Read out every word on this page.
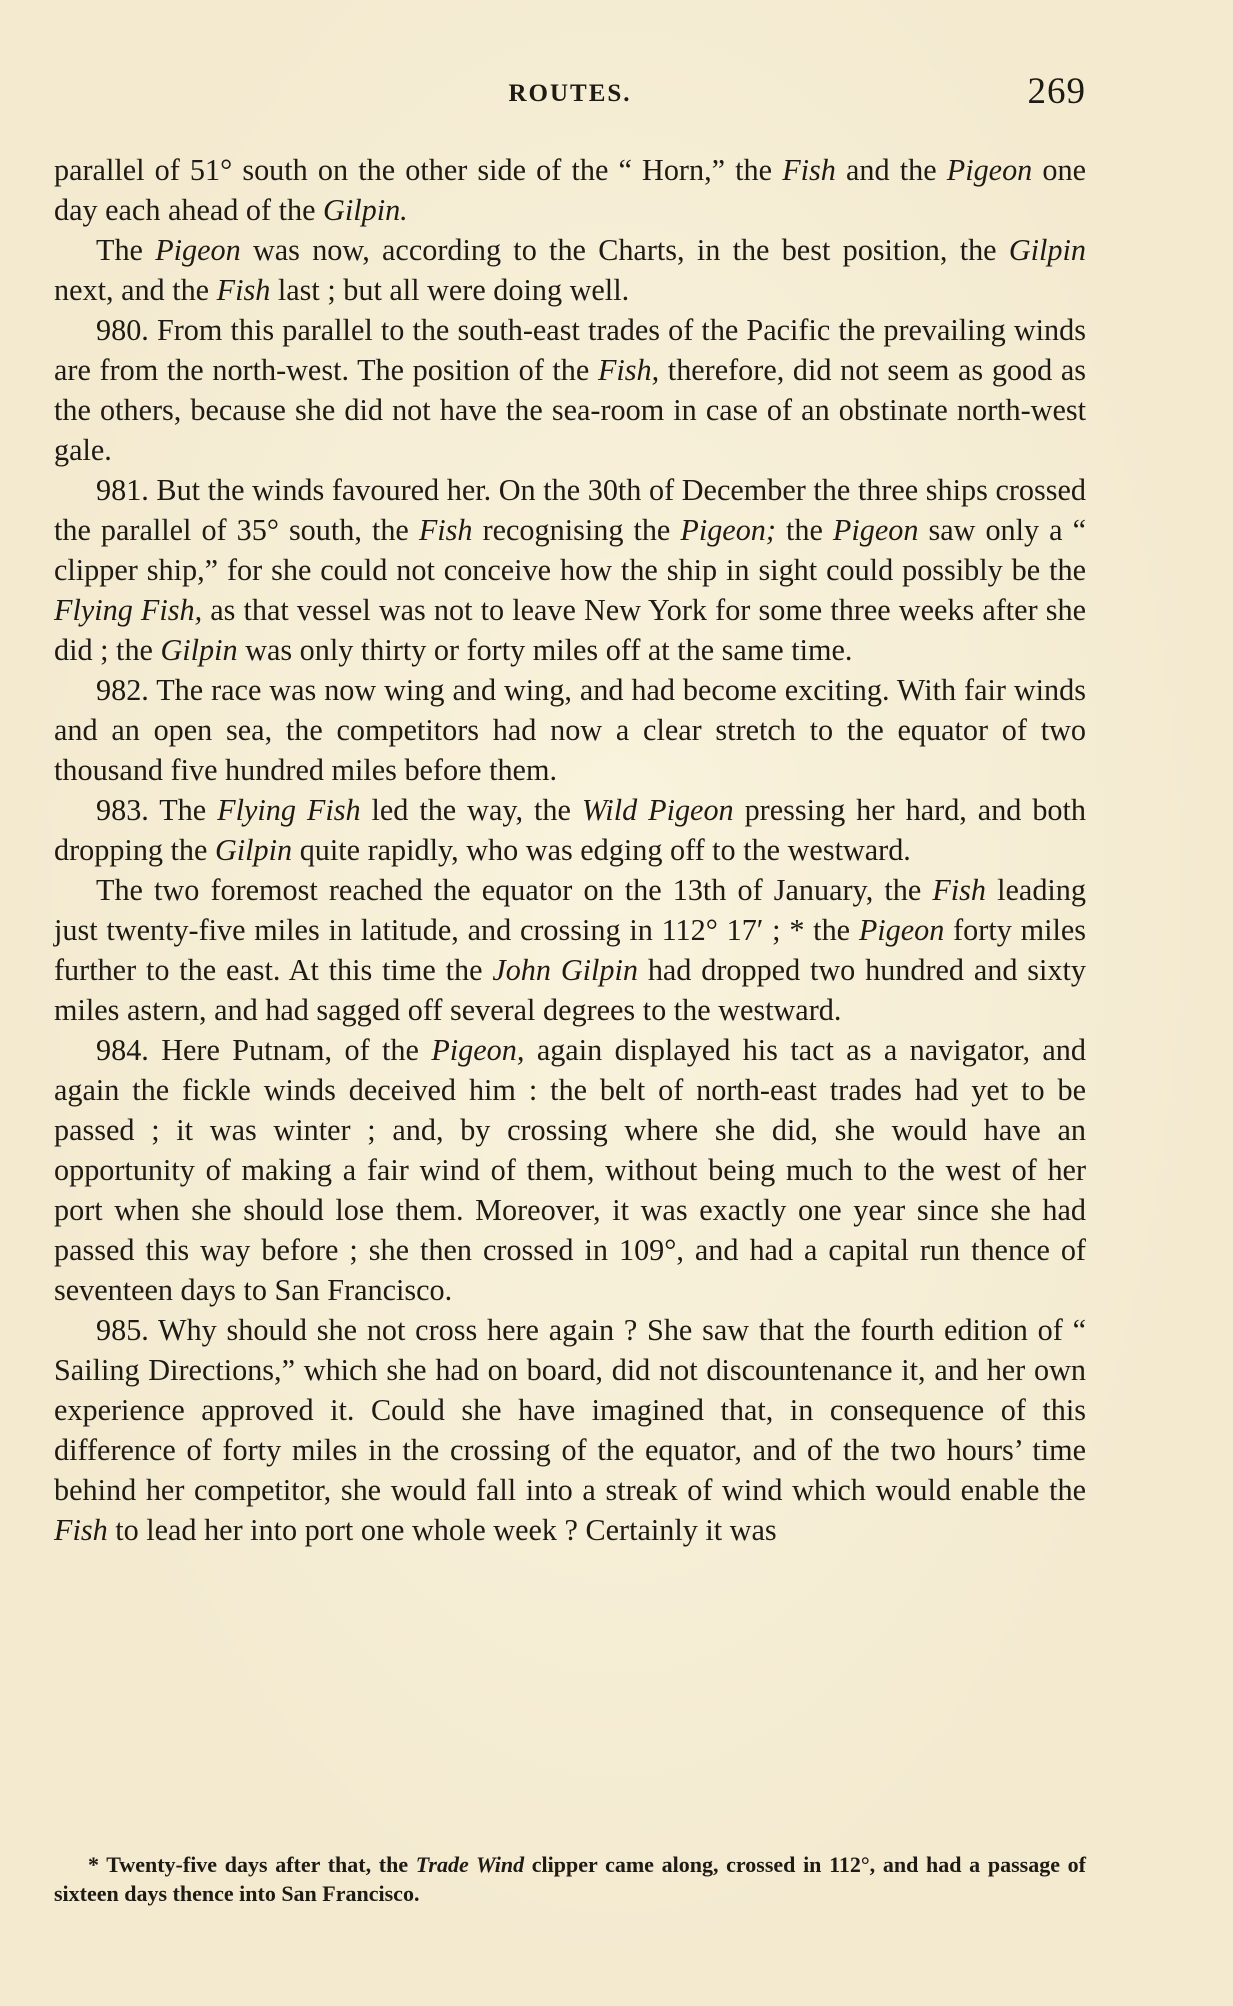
ROUTES.	269

parallel of 51° south on the other side of the “ Horn,” the Fish and the Pigeon one day each ahead of the Gilpin.

The Pigeon was now, according to the Charts, in the best position, the Gilpin next, and the Fish last ; but all were doing well.

980. From this parallel to the south-east trades of the Pacific the prevailing winds are from the north-west. The position of the Fish, therefore, did not seem as good as the others, because she did not have the sea-room in case of an obstinate north-west gale.

981. But the winds favoured her. On the 30th of December the three ships crossed the parallel of 35° south, the Fish recognising the Pigeon; the Pigeon saw only a “ clipper ship,” for she could not conceive how the ship in sight could possibly be the Flying Fish, as that vessel was not to leave New York for some three weeks after she did ; the Gilpin was only thirty or forty miles off at the same time.

982. The race was now wing and wing, and had become exciting. With fair winds and an open sea, the competitors had now a clear stretch to the equator of two thousand five hundred miles before them.

983. The Flying Fish led the way, the Wild Pigeon pressing her hard, and both dropping the Gilpin quite rapidly, who was edging off to the westward.

The two foremost reached the equator on the 13th of January, the Fish leading just twenty-five miles in latitude, and crossing in 112° 17′ ; * the Pigeon forty miles further to the east. At this time the John Gilpin had dropped two hundred and sixty miles astern, and had sagged off several degrees to the westward.

984. Here Putnam, of the Pigeon, again displayed his tact as a navigator, and again the fickle winds deceived him : the belt of north-east trades had yet to be passed ; it was winter ; and, by crossing where she did, she would have an opportunity of making a fair wind of them, without being much to the west of her port when she should lose them. Moreover, it was exactly one year since she had passed this way before ; she then crossed in 109°, and had a capital run thence of seventeen days to San Francisco.

985. Why should she not cross here again ? She saw that the fourth edition of “ Sailing Directions,” which she had on board, did not discountenance it, and her own experience approved it. Could she have imagined that, in consequence of this difference of forty miles in the crossing of the equator, and of the two hours’ time behind her competitor, she would fall into a streak of wind which would enable the Fish to lead her into port one whole week ? Certainly it was

* Twenty-five days after that, the Trade Wind clipper came along, crossed in 112°, and had a passage of sixteen days thence into San Francisco.
